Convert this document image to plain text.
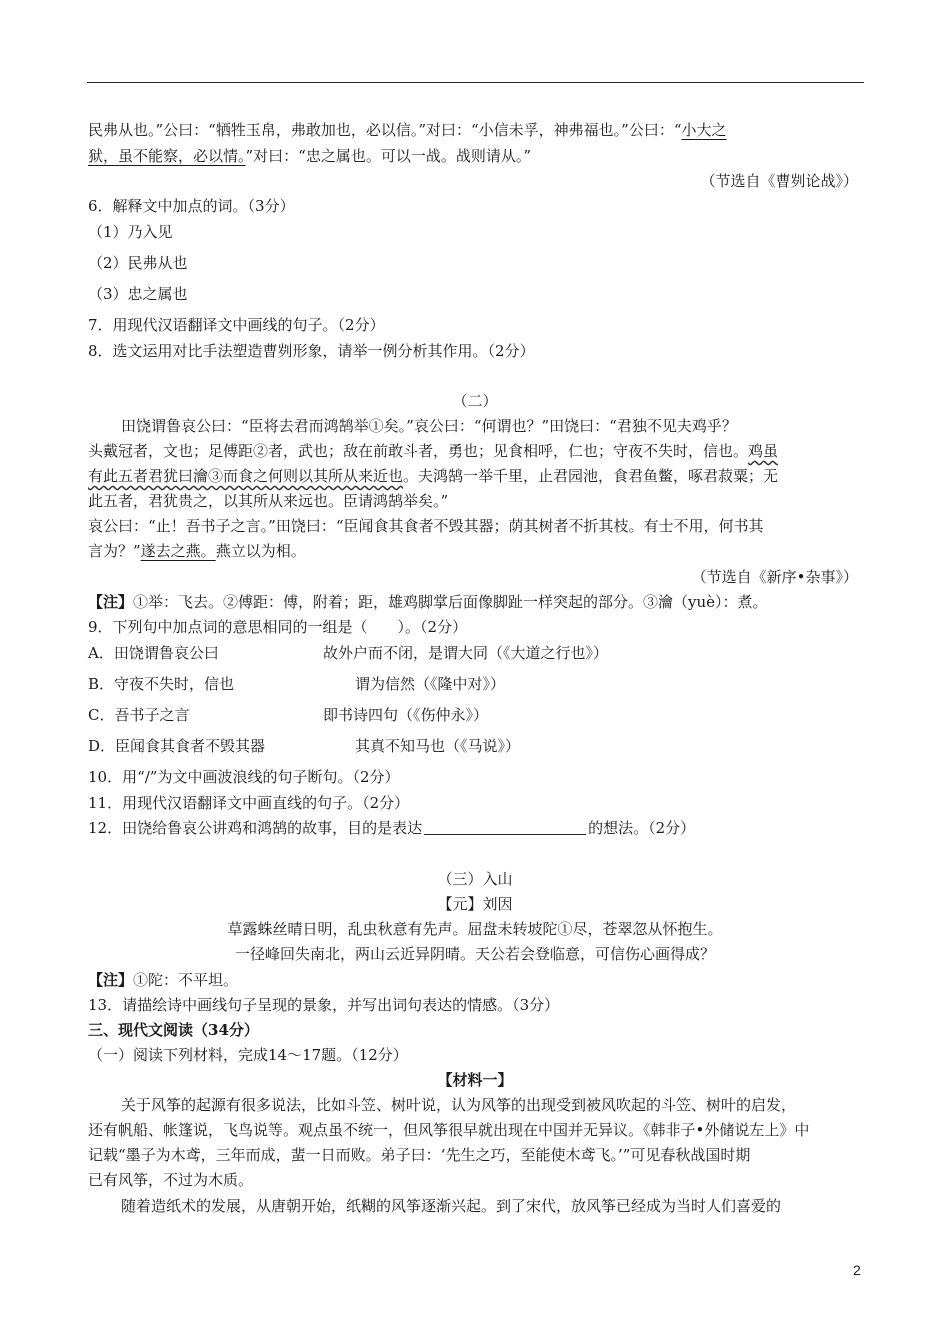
民弗从也。”公曰：“牺牲玉帛，弗敢加也，必以信。”对曰：“小信未孚，神弗福也。”公曰：“小大之
狱，虽不能察，必以情。”对曰：“忠之属也。可以一战。战则请从。”
（节选自《曹刿论战》）
6．解释文中加点的词。（3分）
（1）乃入见
（2）民弗从也
（3）忠之属也
7．用现代汉语翻译文中画线的句子。（2分）
8．选文运用对比手法塑造曹刿形象，请举一例分析其作用。（2分）
（二）
田饶谓鲁哀公曰：“臣将去君而鸿鹄举①矣。”哀公曰：“何谓也？”田饶曰：“君独不见夫鸡乎？
头戴冠者，文也；足傅距②者，武也；敌在前敢斗者，勇也；见食相呼，仁也；守夜不失时，信也。鸡虽
有此五者君犹曰瀹③而食之何则以其所从来近也。夫鸿鹄一举千里，止君园池，食君鱼鳖，啄君菽粟；无
此五者，君犹贵之，以其所从来远也。臣请鸿鹄举矣。”
哀公曰：“止！吾书子之言。”田饶曰：“臣闻食其食者不毁其器；荫其树者不折其枝。有士不用，何书其
言为？”遂去之燕。燕立以为相。
（节选自《新序•杂事》）
【注】①举：飞去。②傅距：傅，附着；距，雄鸡脚掌后面像脚趾一样突起的部分。③瀹（yuè）：煮。
9．下列句中加点词的意思相同的一组是（　　）。（2分）
A．田饶谓鲁哀公曰	故外户而不闭，是谓大同（《大道之行也》）
B．守夜不失时，信也	谓为信然（《隆中对》）
C．吾书子之言	即书诗四句（《伤仲永》）
D．臣闻食其食者不毁其器	其真不知马也（《马说》）
10．用“/”为文中画波浪线的句子断句。（2分）
11．用现代汉语翻译文中画直线的句子。（2分）
12．田饶给鲁哀公讲鸡和鸿鹄的故事，目的是表达	的想法。（2分）
（三）入山
【元】刘因
草露蛛丝晴日明，乱虫秋意有先声。屈盘未转坡陀①尽，苍翠忽从怀抱生。
一径峰回失南北，两山云近异阴晴。天公若会登临意，可信伤心画得成？
【注】①陀：不平坦。
13．请描绘诗中画线句子呈现的景象，并写出词句表达的情感。（3分）
三、现代文阅读（34分）
（一）阅读下列材料，完成14～17题。（12分）
【材料一】
关于风筝的起源有很多说法，比如斗笠、树叶说，认为风筝的出现受到被风吹起的斗笠、树叶的启发，
还有帆船、帐篷说，飞鸟说等。观点虽不统一，但风筝很早就出现在中国并无异议。《韩非子•外储说左上》中
记载“墨子为木鸢，三年而成，蜚一日而败。弟子曰：‘先生之巧，至能使木鸢飞。’”可见春秋战国时期
已有风筝，不过为木质。
随着造纸术的发展，从唐朝开始，纸糊的风筝逐渐兴起。到了宋代，放风筝已经成为当时人们喜爱的
2
